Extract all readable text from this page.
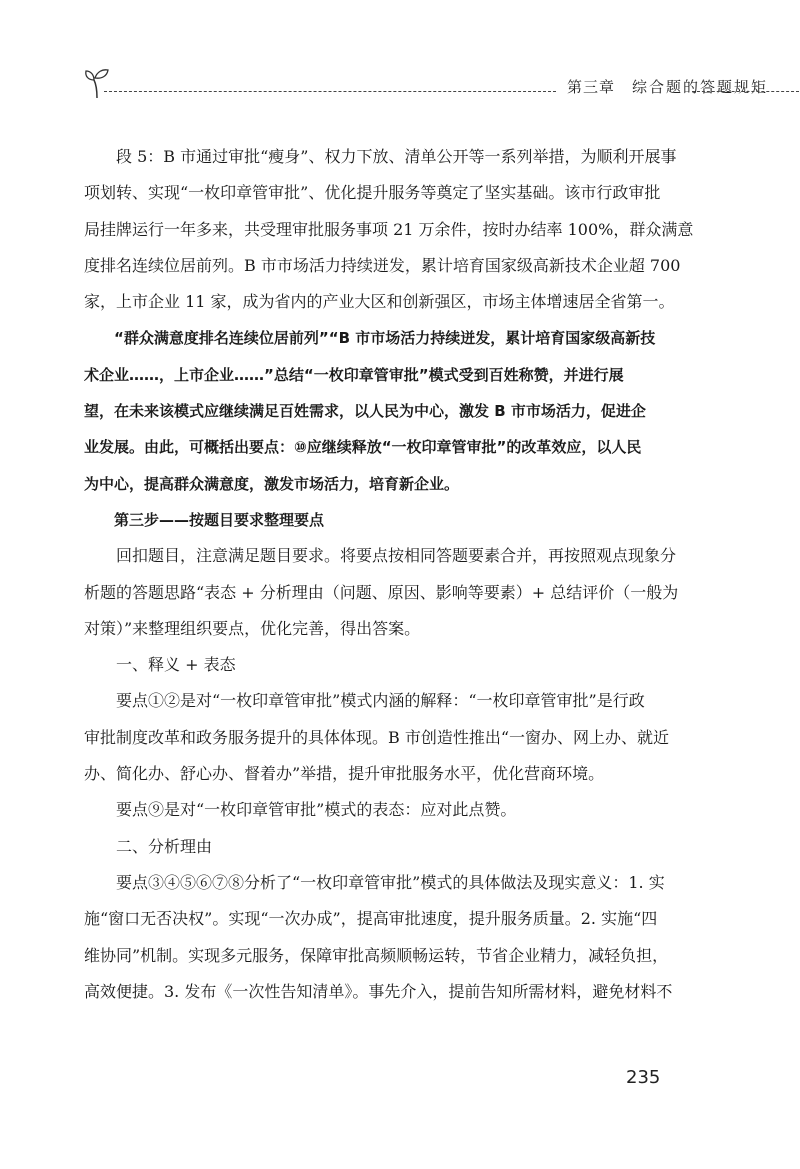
第三章 综合题的答题规矩
　　段 5：B 市通过审批“瘦身”、权力下放、清单公开等一系列举措，为顺利开展事
项划转、实现“一枚印章管审批”、优化提升服务等奠定了坚实基础。该市行政审批
局挂牌运行一年多来，共受理审批服务事项 21 万余件，按时办结率 100%，群众满意
度排名连续位居前列。B 市市场活力持续迸发，累计培育国家级高新技术企业超 700
家，上市企业 11 家，成为省内的产业大区和创新强区，市场主体增速居全省第一。
　　“群众满意度排名连续位居前列”“B 市市场活力持续迸发，累计培育国家级高新技
术企业……，上市企业……”总结“一枚印章管审批”模式受到百姓称赞，并进行展
望，在未来该模式应继续满足百姓需求，以人民为中心，激发 B 市市场活力，促进企
业发展。由此，可概括出要点：⑩应继续释放“一枚印章管审批”的改革效应，以人民
为中心，提高群众满意度，激发市场活力，培育新企业。
　　第三步——按题目要求整理要点
　　回扣题目，注意满足题目要求。将要点按相同答题要素合并，再按照观点现象分
析题的答题思路“表态 + 分析理由（问题、原因、影响等要素）+ 总结评价（一般为
对策）”来整理组织要点，优化完善，得出答案。
　　一、释义 + 表态
　　要点①②是对“一枚印章管审批”模式内涵的解释：“一枚印章管审批”是行政
审批制度改革和政务服务提升的具体体现。B 市创造性推出“一窗办、网上办、就近
办、简化办、舒心办、督着办”举措，提升审批服务水平，优化营商环境。
　　要点⑨是对“一枚印章管审批”模式的表态：应对此点赞。
　　二、分析理由
　　要点③④⑤⑥⑦⑧分析了“一枚印章管审批”模式的具体做法及现实意义：1. 实
施“窗口无否决权”。实现“一次办成”，提高审批速度，提升服务质量。2. 实施“四
维协同”机制。实现多元服务，保障审批高频顺畅运转，节省企业精力，减轻负担，
高效便捷。3. 发布《一次性告知清单》。事先介入，提前告知所需材料，避免材料不
235
